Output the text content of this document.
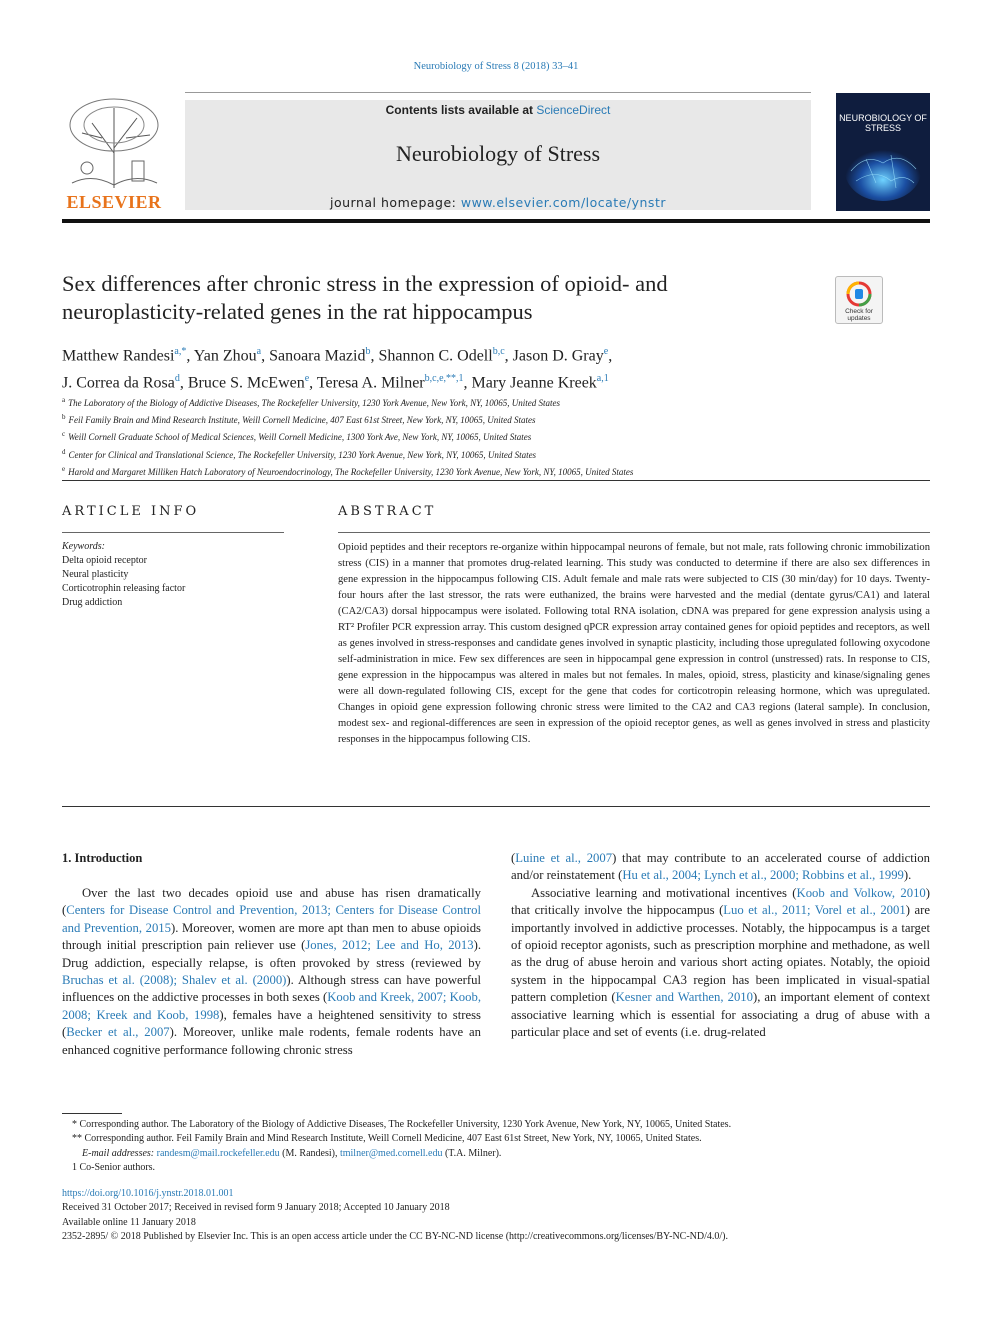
Neurobiology of Stress 8 (2018) 33–41
ELSEVIER
Contents lists available at ScienceDirect
Neurobiology of Stress
journal homepage: www.elsevier.com/locate/ynstr
NEUROBIOLOGY OF STRESS
Sex differences after chronic stress in the expression of opioid- and
neuroplasticity-related genes in the rat hippocampus	Check for updates
Matthew Randesi$^{a,*}$, Yan Zhou$^a$, Sanoara Mazid$^b$, Shannon C. Odell$^{b,c}$, Jason D. Gray$^e$,
J. Correa da Rosa$^d$, Bruce S. McEwen$^e$, Teresa A. Milner$^{b,c,e,**,1}$, Mary Jeanne Kreek$^{a,1}$
$^a$ The Laboratory of the Biology of Addictive Diseases, The Rockefeller University, 1230 York Avenue, New York, NY, 10065, United States
$^b$ Feil Family Brain and Mind Research Institute, Weill Cornell Medicine, 407 East 61st Street, New York, NY, 10065, United States
$^c$ Weill Cornell Graduate School of Medical Sciences, Weill Cornell Medicine, 1300 York Ave, New York, NY, 10065, United States
$^d$ Center for Clinical and Translational Science, The Rockefeller University, 1230 York Avenue, New York, NY, 10065, United States
$^e$ Harold and Margaret Milliken Hatch Laboratory of Neuroendocrinology, The Rockefeller University, 1230 York Avenue, New York, NY, 10065, United States
ARTICLE INFO	ABSTRACT
Keywords:
Delta opioid receptor
Neural plasticity
Corticotrophin releasing factor
Drug addiction
Opioid peptides and their receptors re-organize within hippocampal neurons of female, but not male, rats following chronic immobilization stress (CIS) in a manner that promotes drug-related learning. This study was conducted to determine if there are also sex differences in gene expression in the hippocampus following CIS. Adult female and male rats were subjected to CIS (30 min/day) for 10 days. Twenty-four hours after the last stressor, the rats were euthanized, the brains were harvested and the medial (dentate gyrus/CA1) and lateral (CA2/CA3) dorsal hippocampus were isolated. Following total RNA isolation, cDNA was prepared for gene expression analysis using a RT² Profiler PCR expression array. This custom designed qPCR expression array contained genes for opioid peptides and receptors, as well as genes involved in stress-responses and candidate genes involved in synaptic plasticity, including those upregulated following oxycodone self-administration in mice. Few sex differences are seen in hippocampal gene expression in control (unstressed) rats. In response to CIS, gene expression in the hippocampus was altered in males but not females. In males, opioid, stress, plasticity and kinase/signaling genes were all down-regulated following CIS, except for the gene that codes for corticotropin releasing hormone, which was upregulated. Changes in opioid gene expression following chronic stress were limited to the CA2 and CA3 regions (lateral sample). In conclusion, modest sex- and regional-differences are seen in expression of the opioid receptor genes, as well as genes involved in stress and plasticity responses in the hippocampus following CIS.
1. Introduction

Over the last two decades opioid use and abuse has risen dramatically (Centers for Disease Control and Prevention, 2013; Centers for Disease Control and Prevention, 2015). Moreover, women are more apt than men to abuse opioids through initial prescription pain reliever use (Jones, 2012; Lee and Ho, 2013). Drug addiction, especially relapse, is often provoked by stress (reviewed by Bruchas et al. (2008); Shalev et al. (2000)). Although stress can have powerful influences on the addictive processes in both sexes (Koob and Kreek, 2007; Koob, 2008; Kreek and Koob, 1998), females have a heightened sensitivity to stress (Becker et al., 2007). Moreover, unlike male rodents, female rodents have an enhanced cognitive performance following chronic stress

(Luine et al., 2007) that may contribute to an accelerated course of addiction and/or reinstatement (Hu et al., 2004; Lynch et al., 2000; Robbins et al., 1999).

Associative learning and motivational incentives (Koob and Volkow, 2010) that critically involve the hippocampus (Luo et al., 2011; Vorel et al., 2001) are importantly involved in addictive processes. Notably, the hippocampus is a target of opioid receptor agonists, such as prescription morphine and methadone, as well as the drug of abuse heroin and various short acting opiates. Notably, the opioid system in the hippocampal CA3 region has been implicated in visual-spatial pattern completion (Kesner and Warthen, 2010), an important element of context associative learning which is essential for associating a drug of abuse with a particular place and set of events (i.e. drug-related

* Corresponding author. The Laboratory of the Biology of Addictive Diseases, The Rockefeller University, 1230 York Avenue, New York, NY, 10065, United States.
** Corresponding author. Feil Family Brain and Mind Research Institute, Weill Cornell Medicine, 407 East 61st Street, New York, NY, 10065, United States.
E-mail addresses: randesm@mail.rockefeller.edu (M. Randesi), tmilner@med.cornell.edu (T.A. Milner).
1 Co-Senior authors.
https://doi.org/10.1016/j.ynstr.2018.01.001
Received 31 October 2017; Received in revised form 9 January 2018; Accepted 10 January 2018
Available online 11 January 2018
2352-2895/ © 2018 Published by Elsevier Inc. This is an open access article under the CC BY-NC-ND license (http://creativecommons.org/licenses/BY-NC-ND/4.0/).
